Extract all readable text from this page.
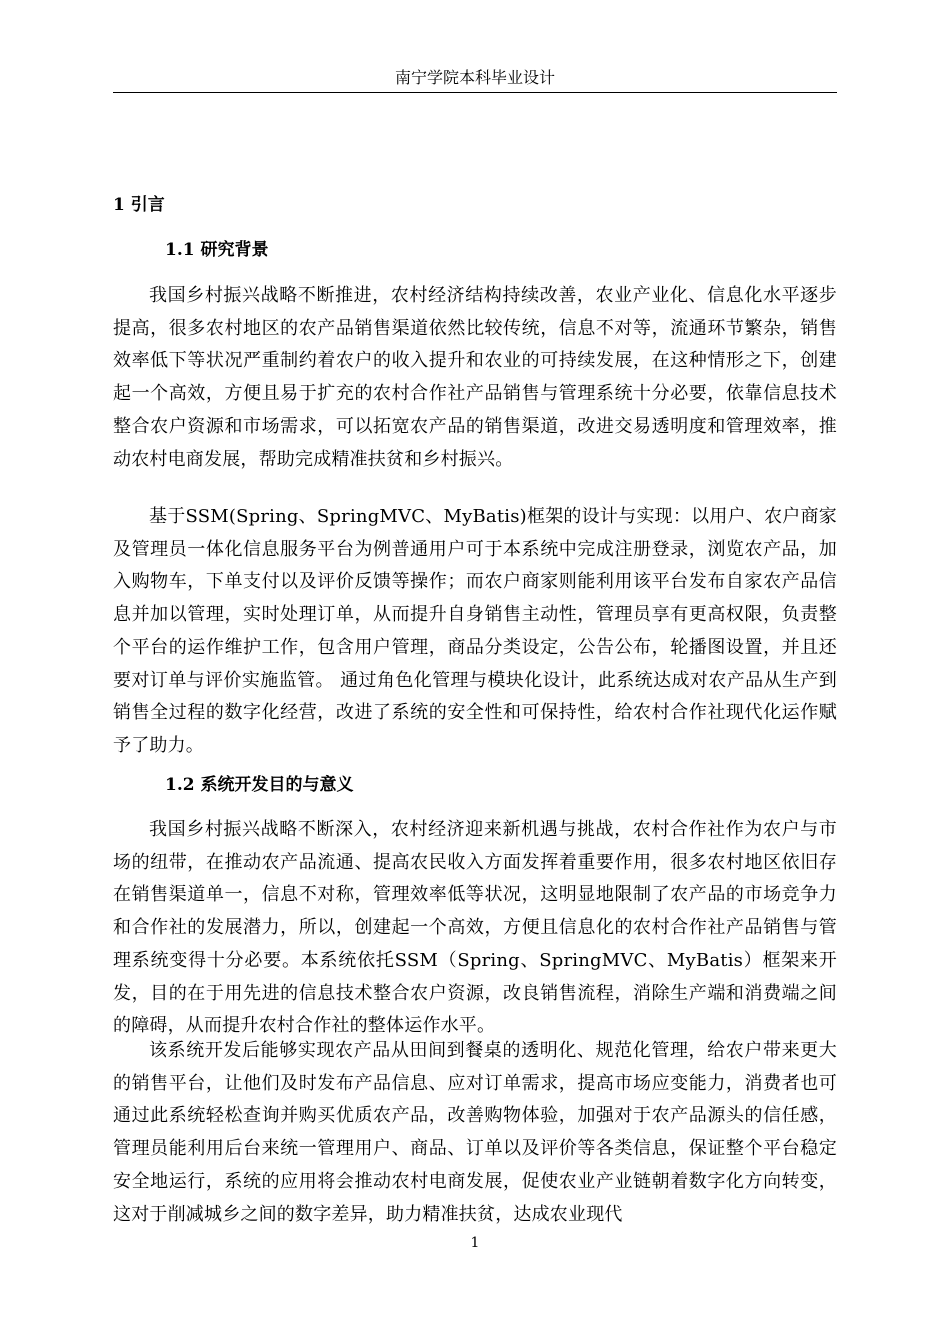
南宁学院本科毕业设计
1 引言
1.1 研究背景

我国乡村振兴战略不断推进，农村经济结构持续改善，农业产业化、信息化水平逐步提高，很多农村地区的农产品销售渠道依然比较传统，信息不对等，流通环节繁杂，销售效率低下等状况严重制约着农户的收入提升和农业的可持续发展，在这种情形之下，创建起一个高效，方便且易于扩充的农村合作社产品销售与管理系统十分必要，依靠信息技术整合农户资源和市场需求，可以拓宽农产品的销售渠道，改进交易透明度和管理效率，推动农村电商发展，帮助完成精准扶贫和乡村振兴。

基于SSM(Spring、SpringMVC、MyBatis)框架的设计与实现：以用户、农户商家及管理员一体化信息服务平台为例普通用户可于本系统中完成注册登录，浏览农产品，加入购物车，下单支付以及评价反馈等操作；而农户商家则能利用该平台发布自家农产品信息并加以管理，实时处理订单，从而提升自身销售主动性，管理员享有更高权限，负责整个平台的运作维护工作，包含用户管理，商品分类设定，公告公布，轮播图设置，并且还要对订单与评价实施监管。 通过角色化管理与模块化设计，此系统达成对农产品从生产到销售全过程的数字化经营，改进了系统的安全性和可保持性，给农村合作社现代化运作赋予了助力。

1.2 系统开发目的与意义

我国乡村振兴战略不断深入，农村经济迎来新机遇与挑战，农村合作社作为农户与市场的纽带，在推动农产品流通、提高农民收入方面发挥着重要作用，很多农村地区依旧存在销售渠道单一，信息不对称，管理效率低等状况，这明显地限制了农产品的市场竞争力和合作社的发展潜力，所以，创建起一个高效，方便且信息化的农村合作社产品销售与管理系统变得十分必要。本系统依托SSM（Spring、SpringMVC、MyBatis）框架来开发，目的在于用先进的信息技术整合农户资源，改良销售流程，消除生产端和消费端之间的障碍，从而提升农村合作社的整体运作水平。

该系统开发后能够实现农产品从田间到餐桌的透明化、规范化管理，给农户带来更大的销售平台，让他们及时发布产品信息、应对订单需求，提高市场应变能力，消费者也可通过此系统轻松查询并购买优质农产品，改善购物体验，加强对于农产品源头的信任感，管理员能利用后台来统一管理用户、商品、订单以及评价等各类信息，保证整个平台稳定安全地运行，系统的应用将会推动农村电商发展，促使农业产业链朝着数字化方向转变，这对于削减城乡之间的数字差异，助力精准扶贫，达成农业现代

1
